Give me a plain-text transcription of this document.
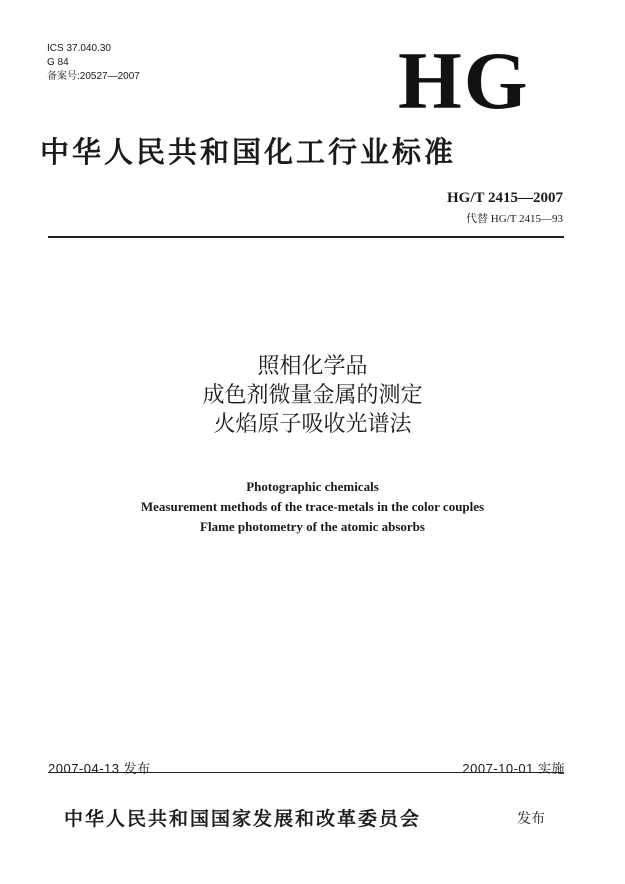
ICS 37.040.30
G 84
备案号:20527—2007	HG
中华人民共和国化工行业标准
HG/T 2415—2007
代替 HG/T 2415—93
照相化学品
成色剂微量金属的测定
火焰原子吸收光谱法
Photographic chemicals
Measurement methods of the trace-metals in the color couples
Flame photometry of the atomic absorbs
2007-04-13 发布	2007-10-01 实施
中华人民共和国国家发展和改革委员会	发布
